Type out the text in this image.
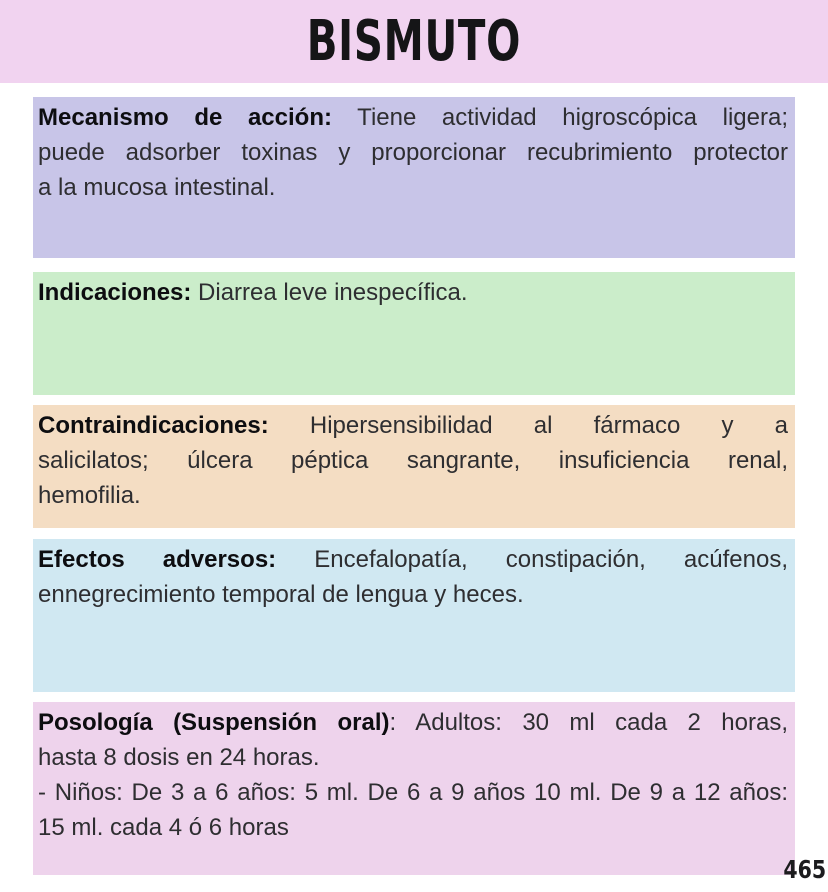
BISMUTO
Mecanismo de acción: Tiene actividad higroscópica ligera;
puede adsorber toxinas y proporcionar recubrimiento protector
a la mucosa intestinal.
Indicaciones: Diarrea leve inespecífica.
Contraindicaciones: Hipersensibilidad al fármaco y a
salicilatos; úlcera péptica sangrante, insuficiencia renal,
hemofilia.
Efectos adversos: Encefalopatía, constipación, acúfenos,
ennegrecimiento temporal de lengua y heces.
Posología (Suspensión oral): Adultos: 30 ml cada 2 horas,
hasta 8 dosis en 24 horas.
- Niños: De 3 a 6 años: 5 ml. De 6 a 9 años 10 ml. De 9 a 12 años:
15 ml. cada 4 ó 6 horas
465
